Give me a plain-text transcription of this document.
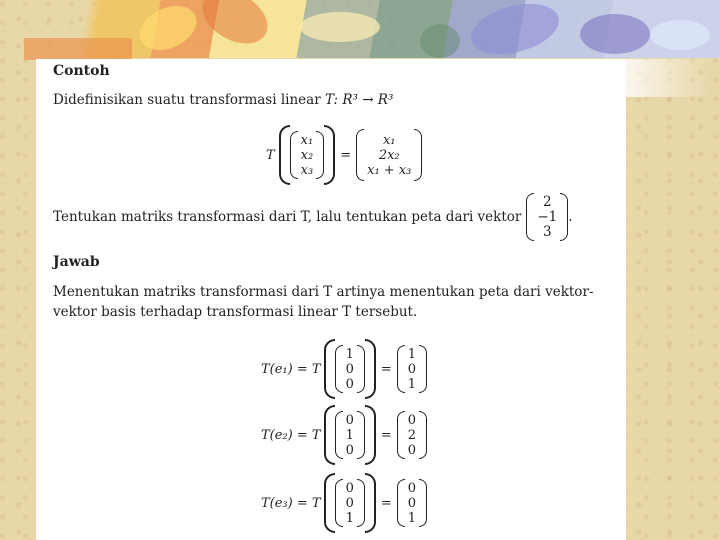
Contoh
Didefinisikan suatu transformasi linear T: R³ → R³
T
x₁
x₂
x₃
=
x₁
2x₂
x₁ + x₃
Tentukan matriks transformasi dari T, lalu tentukan peta dari vektor
2
−1
3
.
Jawab
Menentukan matriks transformasi dari T artinya menentukan peta dari vektor-
vektor basis terhadap transformasi linear T tersebut.
T(e₁) = T
1
0
0
=
1
0
1
T(e₂) = T
0
1
0
=
0
2
0
T(e₃) = T
0
0
1
=
0
0
1
